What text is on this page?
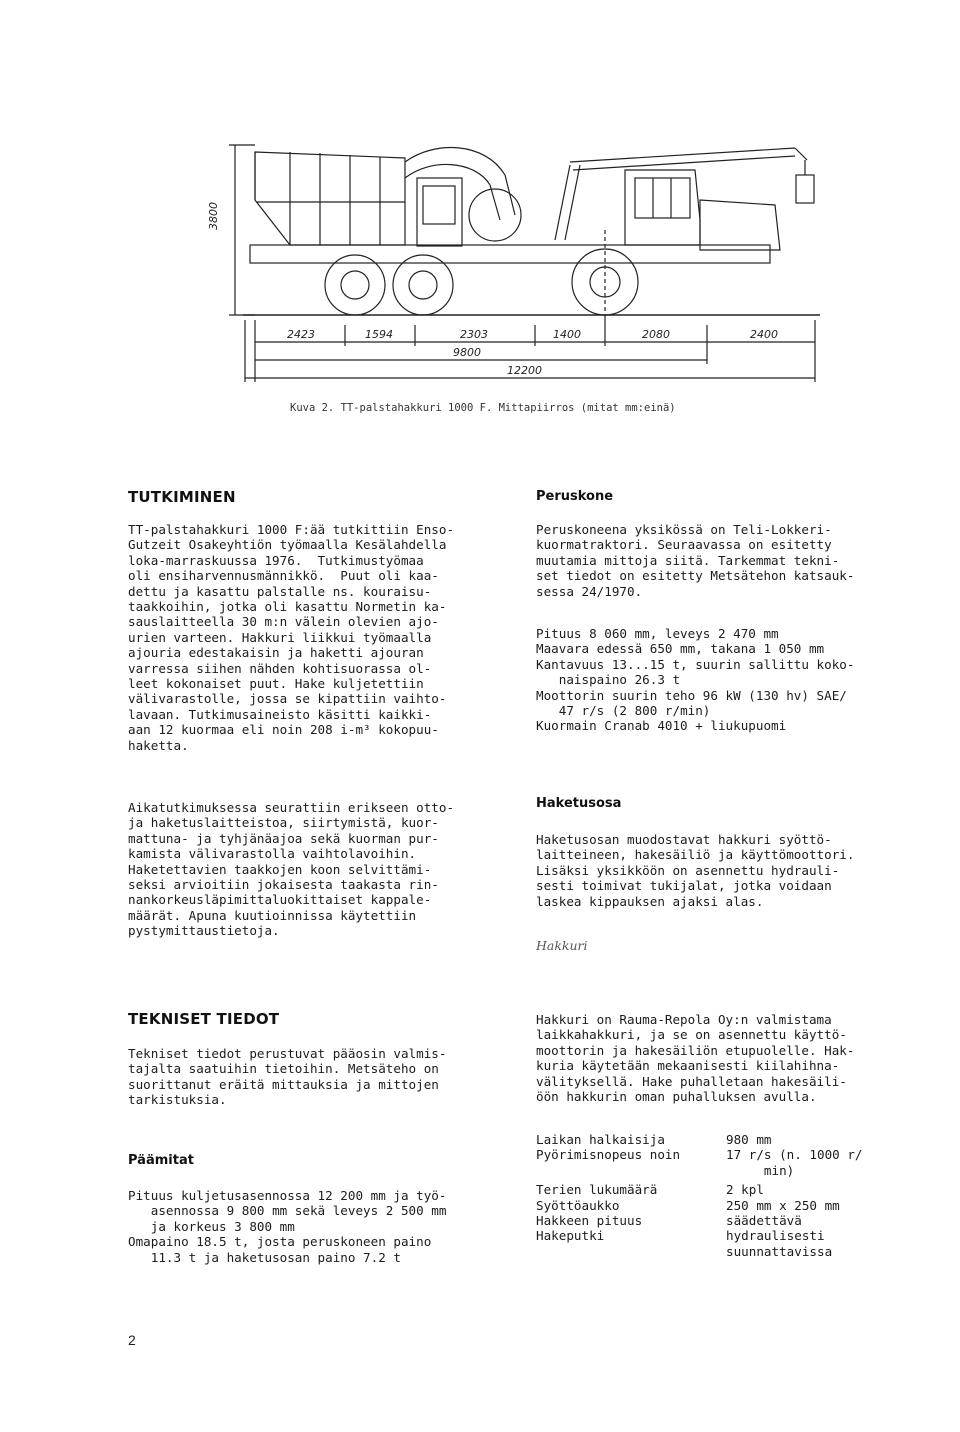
3800
2423	1594	2303	1400	2080	2400
9800
12200
Kuva 2. TT-palstahakkuri 1000 F. Mittapiirros (mitat mm:einä)
TUTKIMINEN
TT-palstahakkuri 1000 F:ää tutkittiin Enso-
Gutzeit Osakeyhtiön työmaalla Kesälahdella
loka-marraskuussa 1976.  Tutkimustyömaa
oli ensiharvennusmännikkö.  Puut oli kaa-
dettu ja kasattu palstalle ns. kouraisu-
taakkoihin, jotka oli kasattu Normetin ka-
sauslaitteella 30 m:n välein olevien ajo-
urien varteen. Hakkuri liikkui työmaalla
ajouria edestakaisin ja haketti ajouran
varressa siihen nähden kohtisuorassa ol-
leet kokonaiset puut. Hake kuljetettiin
välivarastolle, jossa se kipattiin vaihto-
lavaan. Tutkimusaineisto käsitti kaikki-
aan 12 kuormaa eli noin 208 i-m³ kokopuu-
haketta.
Aikatutkimuksessa seurattiin erikseen otto-
ja haketuslaitteistoa, siirtymistä, kuor-
mattuna- ja tyhjänäajoa sekä kuorman pur-
kamista välivarastolla vaihtolavoihin.
Haketettavien taakkojen koon selvittämi-
seksi arvioitiin jokaisesta taakasta rin-
nankorkeusläpimittaluokittaiset kappale-
määrät. Apuna kuutioinnissa käytettiin
pystymittaustietoja.
TEKNISET TIEDOT
Tekniset tiedot perustuvat pääosin valmis-
tajalta saatuihin tietoihin. Metsäteho on
suorittanut eräitä mittauksia ja mittojen
tarkistuksia.
Päämitat
Pituus kuljetusasennossa 12 200 mm ja työ-
asennossa 9 800 mm sekä leveys 2 500 mm
ja korkeus 3 800 mm
Omapaino 18.5 t, josta peruskoneen paino
11.3 t ja haketusosan paino 7.2 t
Peruskone
Peruskoneena yksikössä on Teli-Lokkeri-
kuormatraktori. Seuraavassa on esitetty
muutamia mittoja siitä. Tarkemmat tekni-
set tiedot on esitetty Metsätehon katsauk-
sessa 24/1970.
Pituus 8 060 mm, leveys 2 470 mm
Maavara edessä 650 mm, takana 1 050 mm
Kantavuus 13...15 t, suurin sallittu koko-
naispaino 26.3 t
Moottorin suurin teho 96 kW (130 hv) SAE/
47 r/s (2 800 r/min)
Kuormain Cranab 4010 + liukupuomi
Haketusosa
Haketusosan muodostavat hakkuri syöttö-
laitteineen, hakesäiliö ja käyttömoottori.
Lisäksi yksikköön on asennettu hydrauli-
sesti toimivat tukijalat, jotka voidaan
laskea kippauksen ajaksi alas.
Hakkuri
Hakkuri on Rauma-Repola Oy:n valmistama
laikkahakkuri, ja se on asennettu käyttö-
moottorin ja hakesäiliön etupuolelle. Hak-
kuria käytetään mekaanisesti kiilahihna-
välityksellä. Hake puhalletaan hakesäili-
öön hakkurin oman puhalluksen avulla.
Laikan halkaisija	980 mm
Pyörimisnopeus noin	17 r/s (n. 1000 r/
min)
Terien lukumäärä	2 kpl
Syöttöaukko	250 mm x 250 mm
Hakkeen pituus	säädettävä
Hakeputki	hydraulisesti
suunnattavissa
2
